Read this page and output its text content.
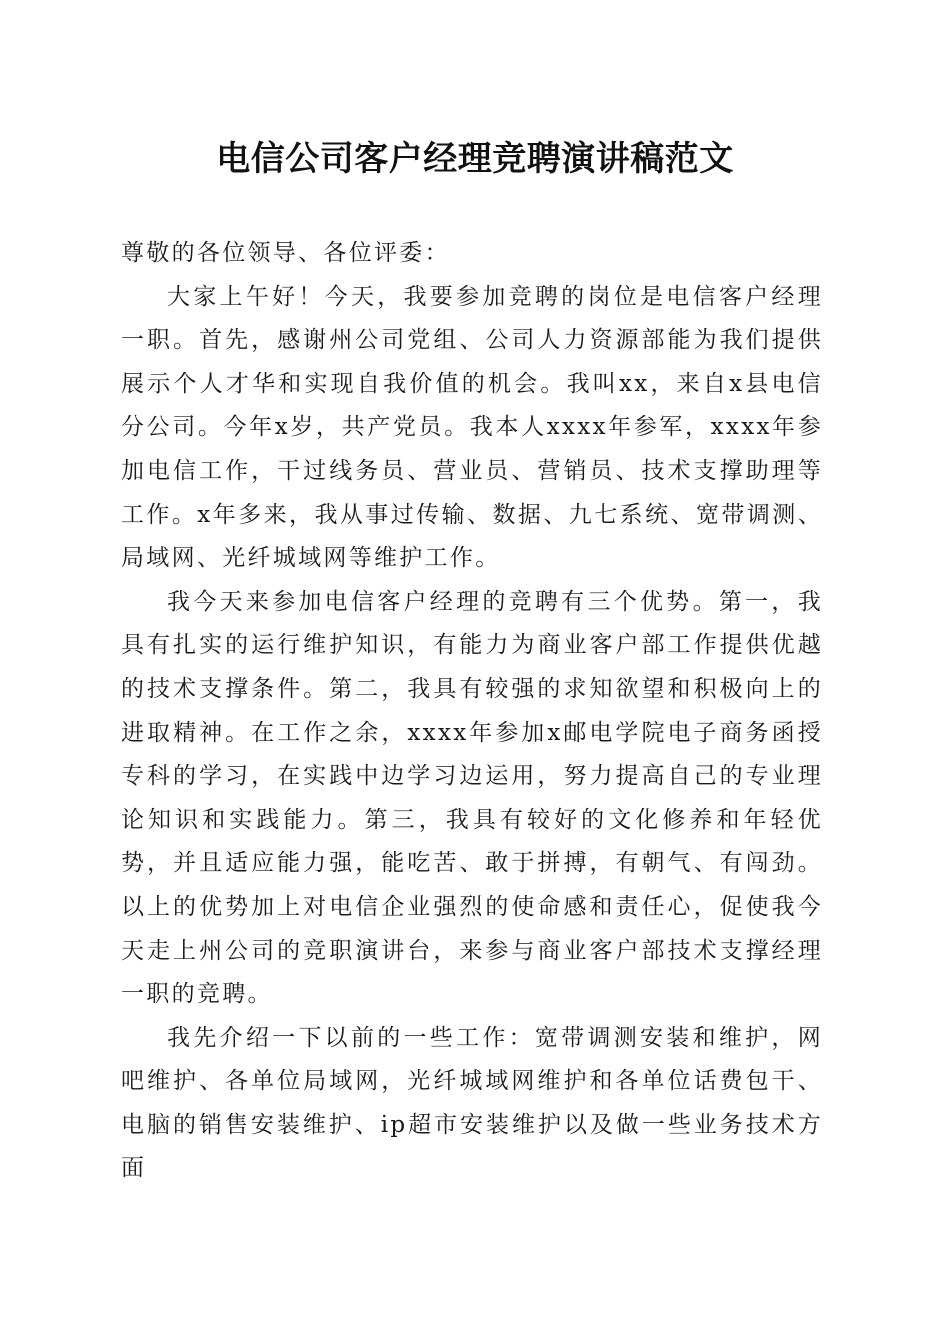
电信公司客户经理竞聘演讲稿范文

尊敬的各位领导、各位评委：

大家上午好！今天，我要参加竞聘的岗位是电信客户经理一职。首先，感谢州公司党组、公司人力资源部能为我们提供展示个人才华和实现自我价值的机会。我叫xx，来自x县电信分公司。今年x岁，共产党员。我本人xxxx年参军，xxxx年参加电信工作，干过线务员、营业员、营销员、技术支撑助理等工作。x年多来，我从事过传输、数据、九七系统、宽带调测、局域网、光纤城域网等维护工作。

我今天来参加电信客户经理的竞聘有三个优势。第一，我具有扎实的运行维护知识，有能力为商业客户部工作提供优越的技术支撑条件。第二，我具有较强的求知欲望和积极向上的进取精神。在工作之余，xxxx年参加x邮电学院电子商务函授专科的学习，在实践中边学习边运用，努力提高自己的专业理论知识和实践能力。第三，我具有较好的文化修养和年轻优势，并且适应能力强，能吃苦、敢于拼搏，有朝气、有闯劲。以上的优势加上对电信企业强烈的使命感和责任心，促使我今天走上州公司的竞职演讲台，来参与商业客户部技术支撑经理一职的竞聘。

我先介绍一下以前的一些工作：宽带调测安装和维护，网吧维护、各单位局域网，光纤城域网维护和各单位话费包干、电脑的销售安装维护、ip超市安装维护以及做一些业务技术方面
